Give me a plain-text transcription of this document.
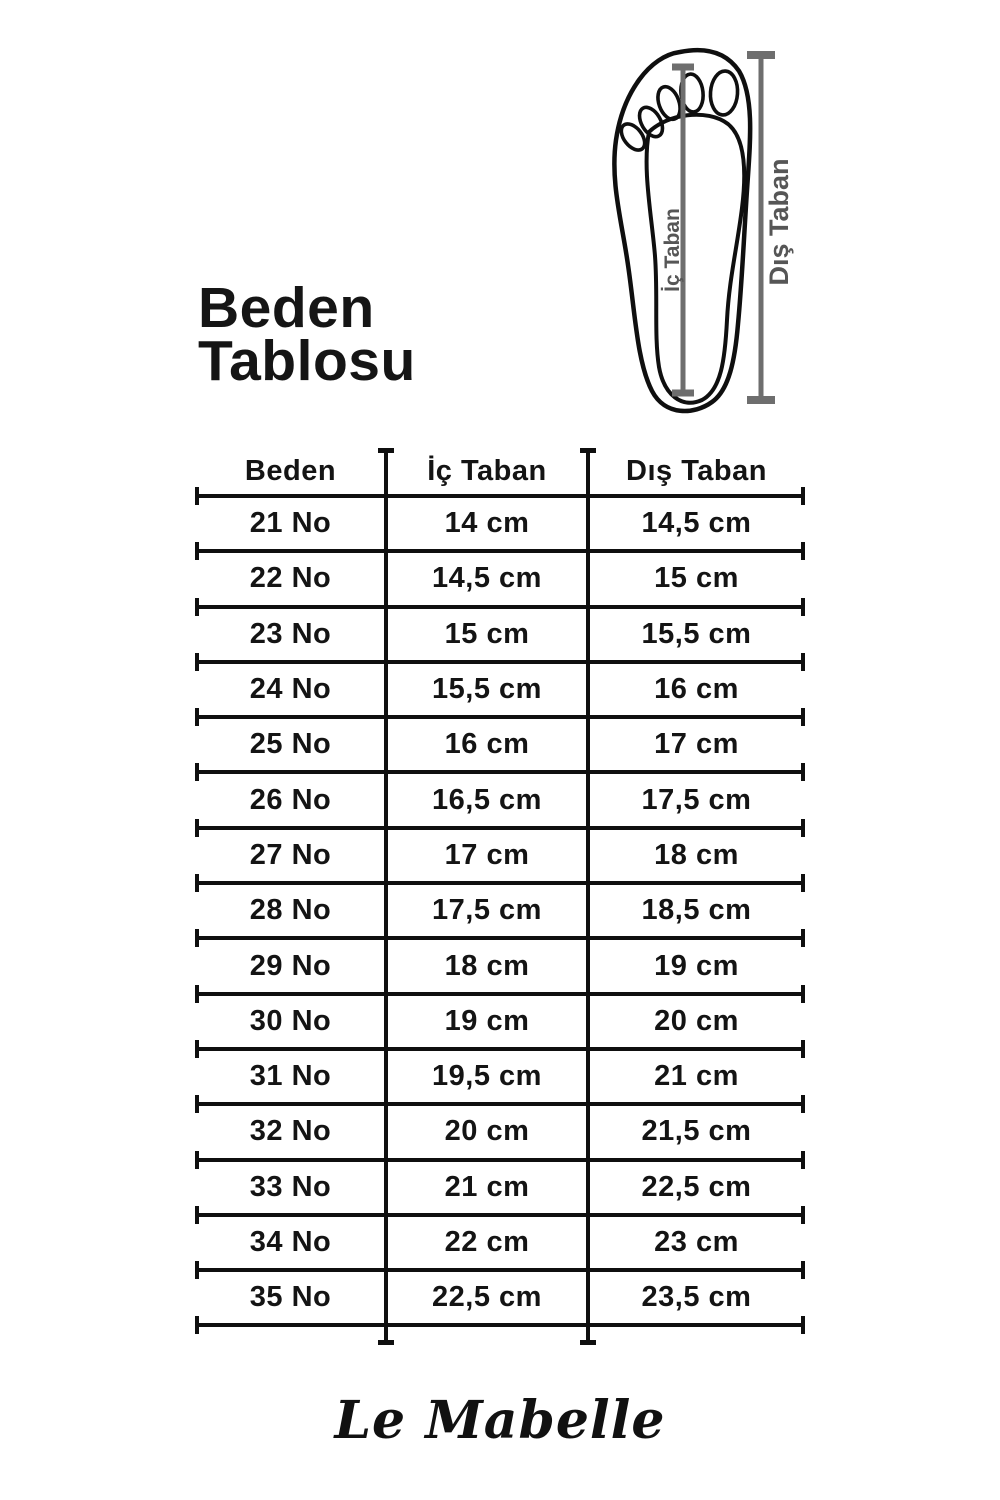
Beden
Tablosu
İç Taban	Dış Taban
Beden	İç Taban	Dış Taban
21 No	14 cm	14,5 cm
22 No	14,5 cm	15 cm
23 No	15 cm	15,5 cm
24 No	15,5 cm	16 cm
25 No	16 cm	17 cm
26 No	16,5 cm	17,5 cm
27 No	17 cm	18 cm
28 No	17,5 cm	18,5 cm
29 No	18 cm	19 cm
30 No	19 cm	20 cm
31 No	19,5 cm	21 cm
32 No	20 cm	21,5 cm
33 No	21 cm	22,5 cm
34 No	22 cm	23 cm
35 No	22,5 cm	23,5 cm
Le Mabelle
